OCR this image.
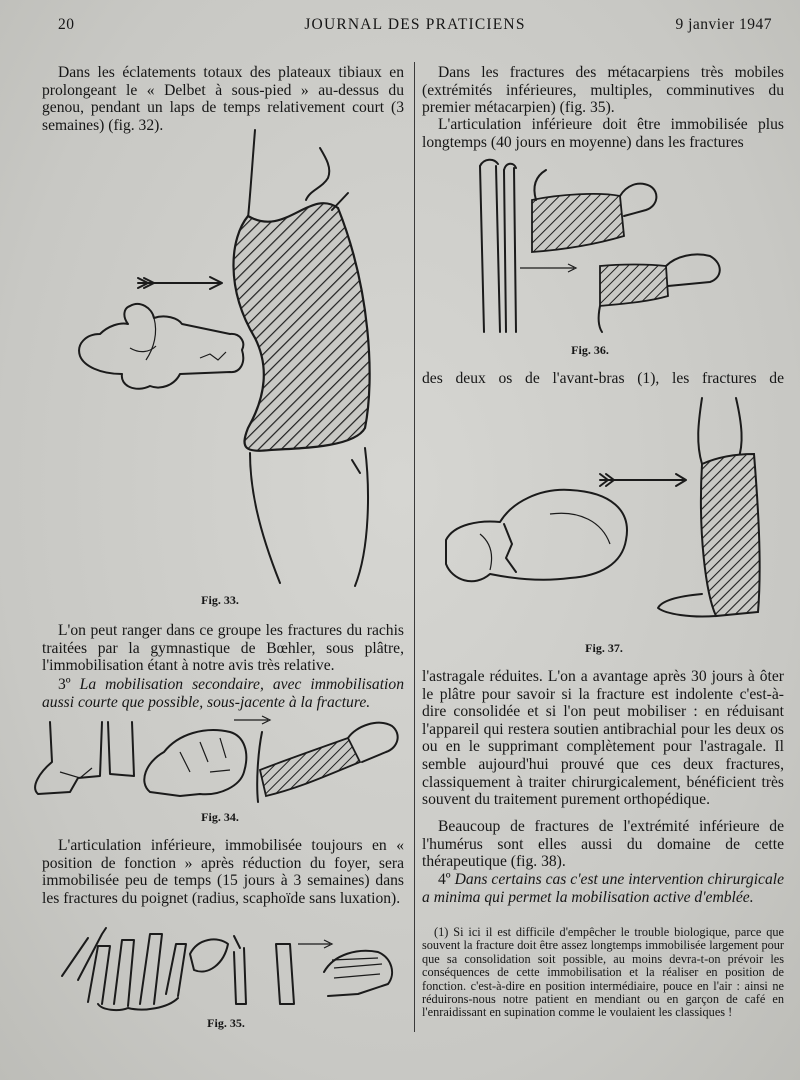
20	JOURNAL DES PRATICIENS	9 janvier 1947

Dans les éclatements totaux des plateaux tibiaux en prolongeant le « Delbet à sous-pied » au-dessus du genou, pendant un laps de temps relativement court (3 semaines) (fig. 32).

Fig. 33.

L'on peut ranger dans ce groupe les fractures du rachis traitées par la gymnastique de Bœhler, sous plâtre, l'immobilisation étant à notre avis très relative.

3º La mobilisation secondaire, avec immobilisation aussi courte que possible, sous-jacente à la fracture.

Fig. 34.

L'articulation inférieure, immobilisée toujours en « position de fonction » après réduction du foyer, sera immobilisée peu de temps (15 jours à 3 semaines) dans les fractures du poignet (radius, scaphoïde sans luxation).

Fig. 35.

Dans les fractures des métacarpiens très mobiles (extrémités inférieures, multiples, comminutives du premier métacarpien) (fig. 35).

L'articulation inférieure doit être immobilisée plus longtemps (40 jours en moyenne) dans les fractures

Fig. 36.

des deux os de l'avant-bras (1), les fractures de

Fig. 37.

l'astragale réduites. L'on a avantage après 30 jours à ôter le plâtre pour savoir si la fracture est indolente c'est-à-dire consolidée et si l'on peut mobiliser : en réduisant l'appareil qui restera soutien antibrachial pour les deux os ou en le supprimant complètement pour l'astragale. Il semble aujourd'hui prouvé que ces deux fractures, classiquement à traiter chirurgicalement, bénéficient très souvent du traitement purement orthopédique.

Beaucoup de fractures de l'extrémité inférieure de l'humérus sont elles aussi du domaine de cette thérapeutique (fig. 38).

4º Dans certains cas c'est une intervention chirurgicale a minima qui permet la mobilisation active d'emblée.

(1) Si ici il est difficile d'empêcher le trouble biologique, parce que souvent la fracture doit être assez longtemps immobilisée largement pour que sa consolidation soit possible, au moins devra-t-on prévoir les conséquences de cette immobilisation et la réaliser en position de fonction. c'est-à-dire en position intermédiaire, pouce en l'air : ainsi ne réduirons-nous notre patient en mendiant ou en garçon de café en l'enraidissant en supination comme le voulaient les classiques !
